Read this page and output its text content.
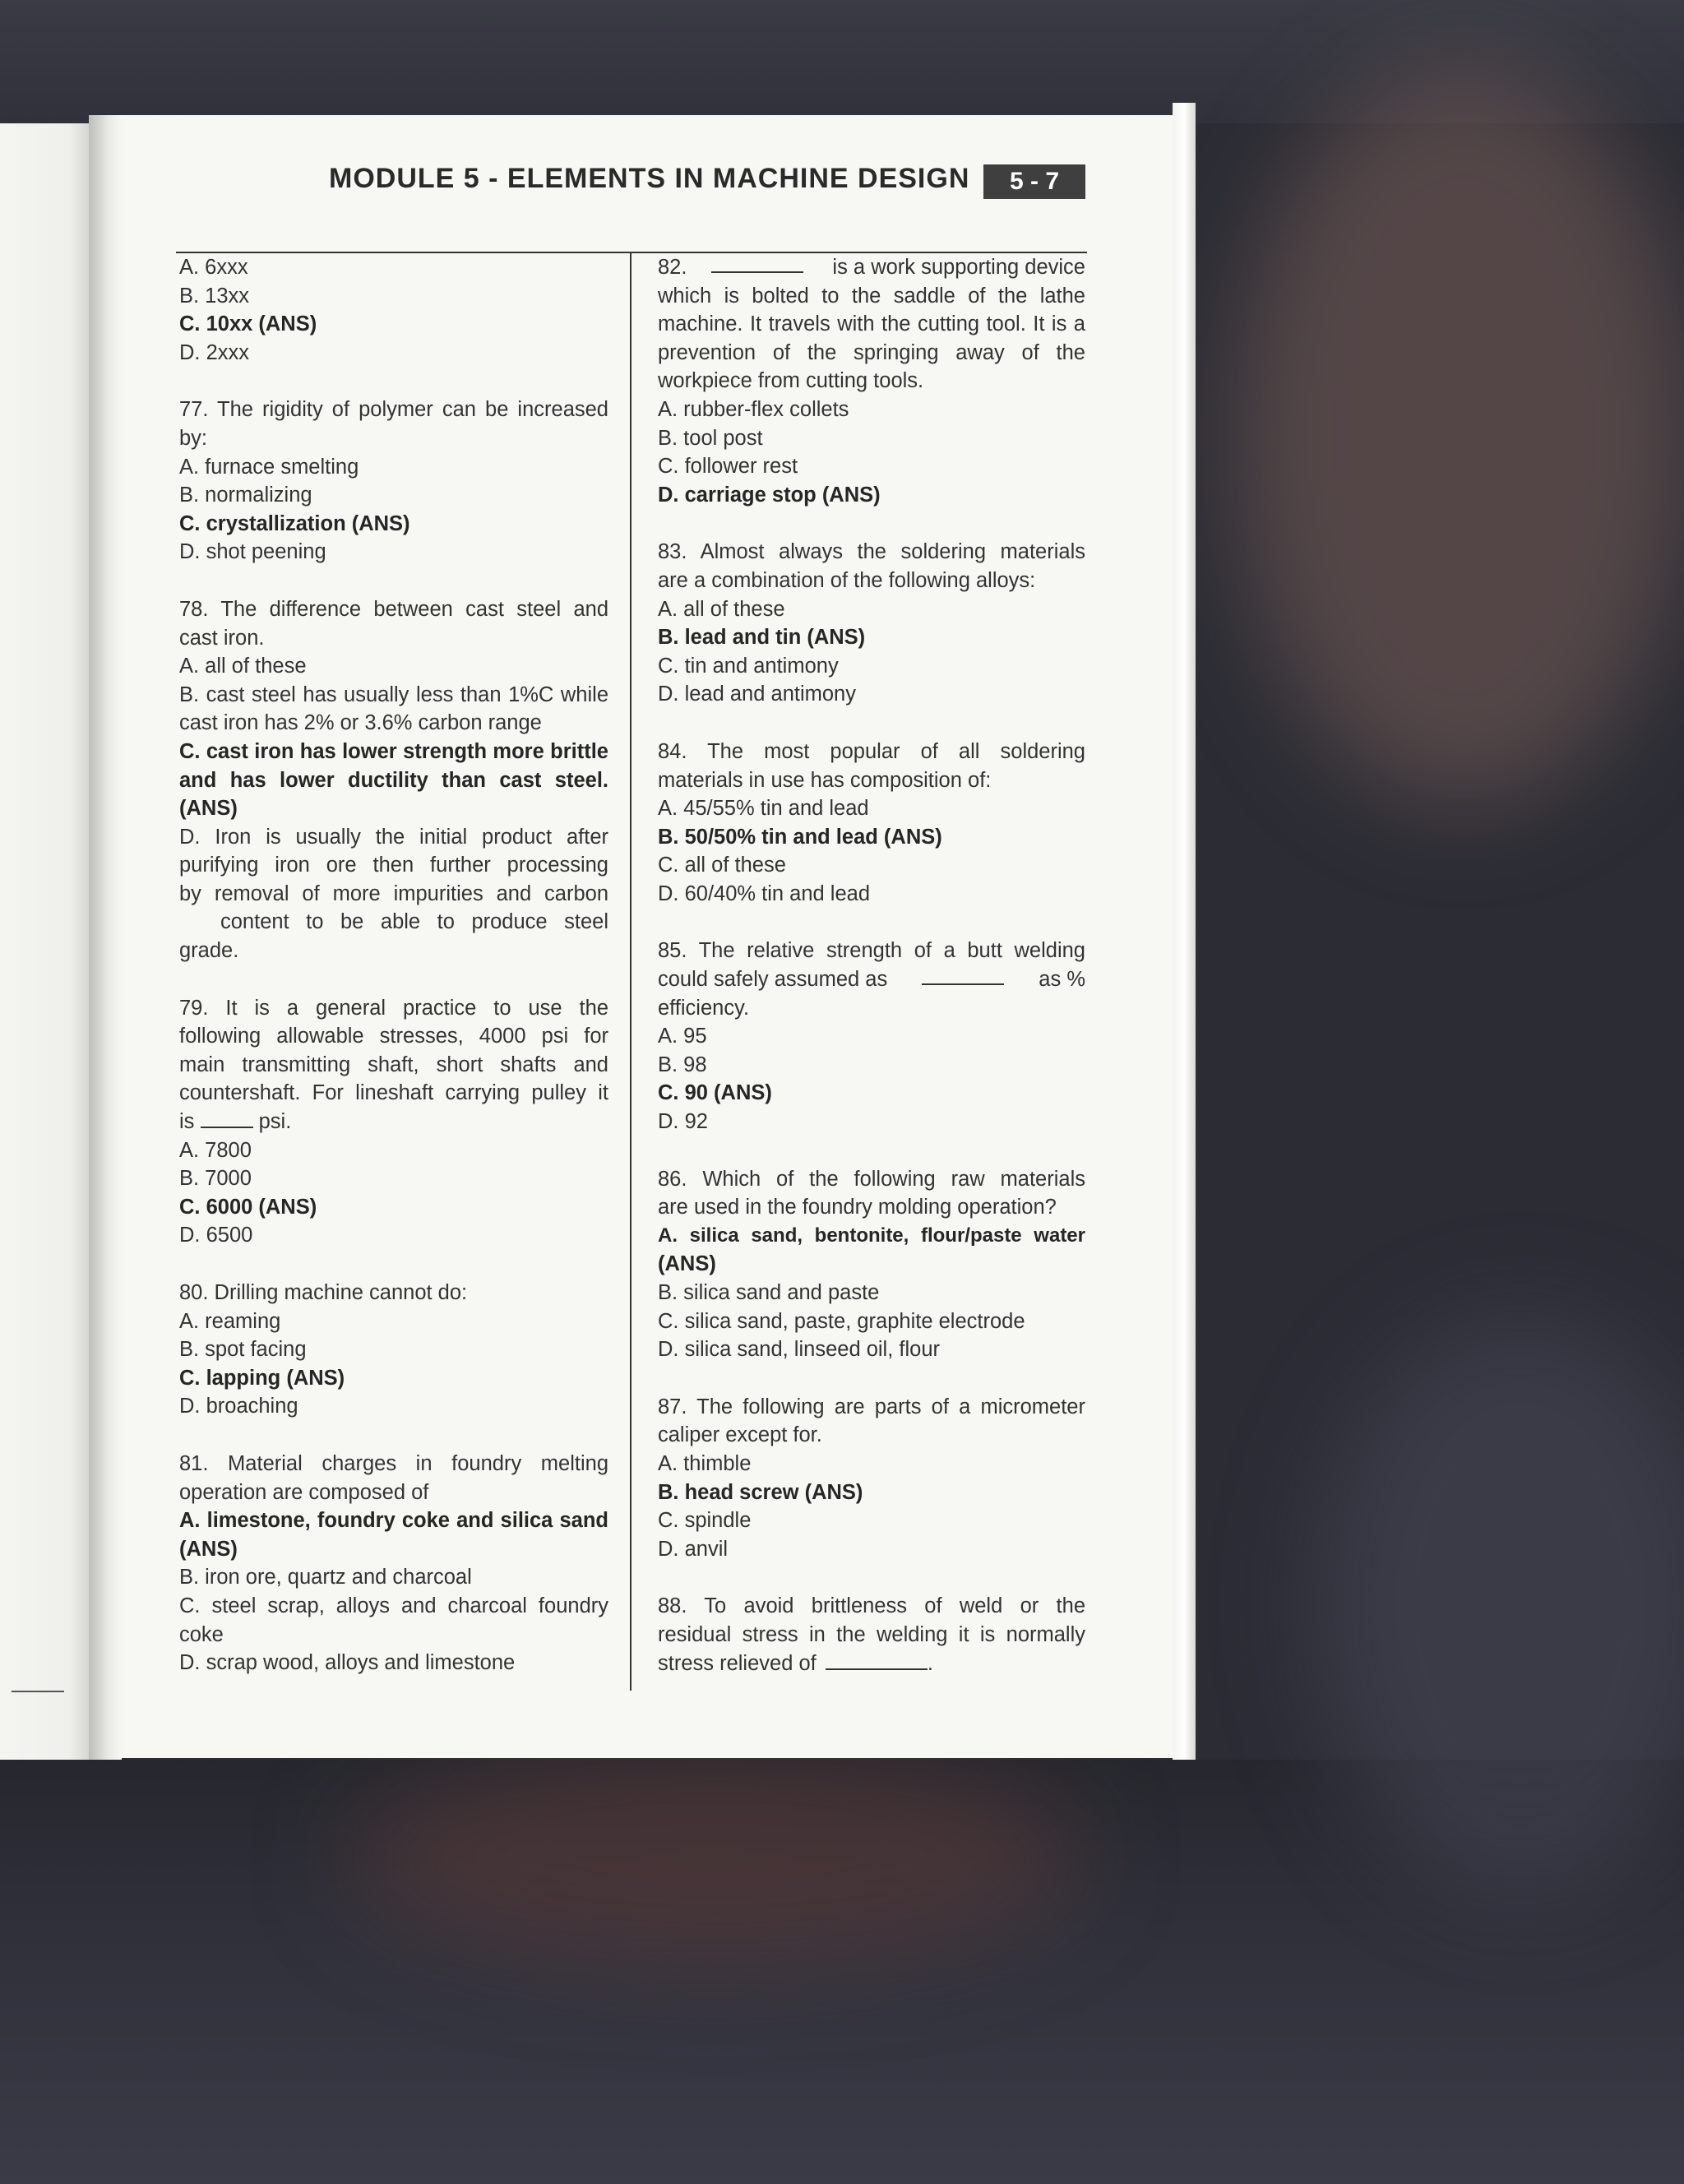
MODULE 5 - ELEMENTS IN MACHINE DESIGN	5 - 7
A. 6xxx
B. 13xx
C. 10xx (ANS)
D. 2xxx
77. The rigidity of polymer can be increased
by:
A. furnace smelting
B. normalizing
C. crystallization (ANS)
D. shot peening
78. The difference between cast steel and
cast iron.
A. all of these
B. cast steel has usually less than 1%C while
cast iron has 2% or 3.6% carbon range
C. cast iron has lower strength more brittle
and has lower ductility than cast steel.
(ANS)
D. Iron is usually the initial product after
purifying iron ore then further processing
by removal of more impurities and carbon
content to be able to produce steel
grade.
79. It is a general practice to use the
following allowable stresses, 4000 psi for
main transmitting shaft, short shafts and
countershaft. For lineshaft carrying pulley it
is	psi.
A. 7800
B. 7000
C. 6000 (ANS)
D. 6500
80. Drilling machine cannot do:
A. reaming
B. spot facing
C. lapping (ANS)
D. broaching
81. Material charges in foundry melting
operation are composed of
A. limestone, foundry coke and silica sand
(ANS)
B. iron ore, quartz and charcoal
C. steel scrap, alloys and charcoal foundry
coke
D. scrap wood, alloys and limestone
82.	is a work supporting device
which is bolted to the saddle of the lathe
machine. It travels with the cutting tool. It is a
prevention of the springing away of the
workpiece from cutting tools.
A. rubber-flex collets
B. tool post
C. follower rest
D. carriage stop (ANS)
83. Almost always the soldering materials
are a combination of the following alloys:
A. all of these
B. lead and tin (ANS)
C. tin and antimony
D. lead and antimony
84. The most popular of all soldering
materials in use has composition of:
A. 45/55% tin and lead
B. 50/50% tin and lead (ANS)
C. all of these
D. 60/40% tin and lead
85. The relative strength of a butt welding
could safely assumed as	as %
efficiency.
A. 95
B. 98
C. 90 (ANS)
D. 92
86. Which of the following raw materials
are used in the foundry molding operation?
A. silica sand, bentonite, flour/paste water
(ANS)
B. silica sand and paste
C. silica sand, paste, graphite electrode
D. silica sand, linseed oil, flour
87. The following are parts of a micrometer
caliper except for.
A. thimble
B. head screw (ANS)
C. spindle
D. anvil
88. To avoid brittleness of weld or the
residual stress in the welding it is normally
stress relieved of	.
